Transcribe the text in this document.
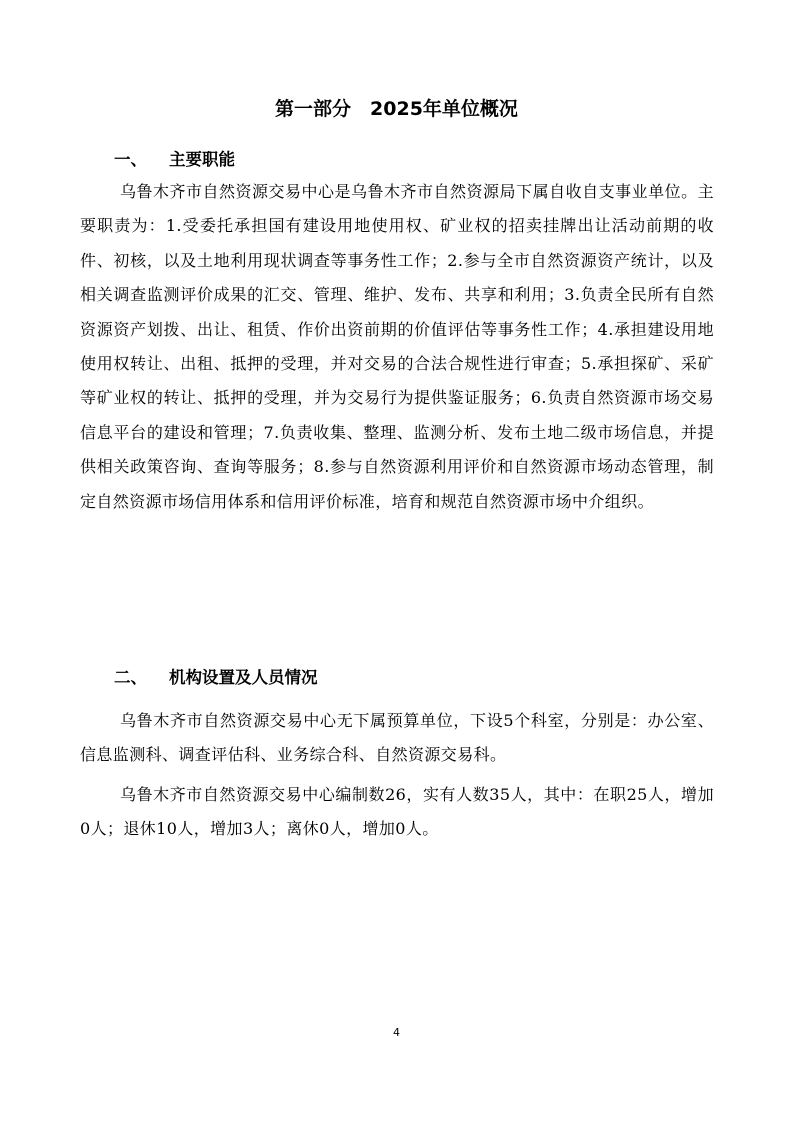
第一部分　2025年单位概况
一、 主要职能

乌鲁木齐市自然资源交易中心是乌鲁木齐市自然资源局下属自收自支事业单位。主要职责为：1.受委托承担国有建设用地使用权、矿业权的招卖挂牌出让活动前期的收件、初核，以及土地利用现状调查等事务性工作；2.参与全市自然资源资产统计，以及相关调查监测评价成果的汇交、管理、维护、发布、共享和利用；3.负责全民所有自然资源资产划拨、出让、租赁、作价出资前期的价值评估等事务性工作；4.承担建设用地使用权转让、出租、抵押的受理，并对交易的合法合规性进行审查；5.承担探矿、采矿等矿业权的转让、抵押的受理，并为交易行为提供鉴证服务；6.负责自然资源市场交易信息平台的建设和管理；7.负责收集、整理、监测分析、发布土地二级市场信息，并提供相关政策咨询、查询等服务；8.参与自然资源利用评价和自然资源市场动态管理，制定自然资源市场信用体系和信用评价标准，培育和规范自然资源市场中介组织。

二、 机构设置及人员情况

乌鲁木齐市自然资源交易中心无下属预算单位，下设5个科室，分别是：办公室、信息监测科、调查评估科、业务综合科、自然资源交易科。

乌鲁木齐市自然资源交易中心编制数26，实有人数35人，其中：在职25人，增加0人；退休10人，增加3人；离休0人，增加0人。

4
